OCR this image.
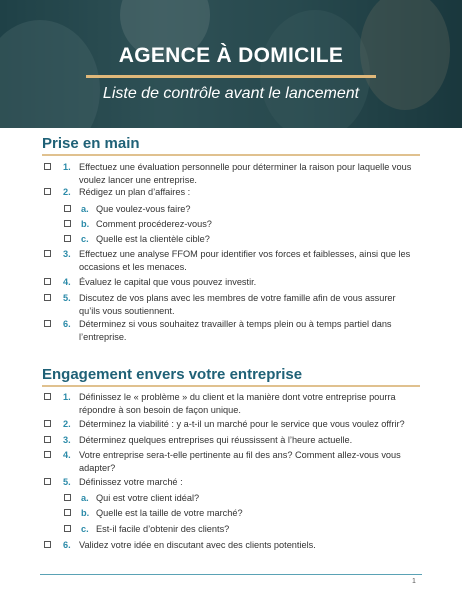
AGENCE À DOMICILE
Liste de contrôle avant le lancement
Prise en main
1. Effectuez une évaluation personnelle pour déterminer la raison pour laquelle vous
voulez lancer une entreprise.
2. Rédigez un plan d’affaires :
a. Que voulez-vous faire?
b. Comment procéderez-vous?
c. Quelle est la clientèle cible?
3. Effectuez une analyse FFOM pour identifier vos forces et faiblesses, ainsi que les
occasions et les menaces.
4. Évaluez le capital que vous pouvez investir.
5. Discutez de vos plans avec les membres de votre famille afin de vous assurer
qu’ils vous soutiennent.
6. Déterminez si vous souhaitez travailler à temps plein ou à temps partiel dans
l’entreprise.
Engagement envers votre entreprise
1. Définissez le « problème » du client et la manière dont votre entreprise pourra
répondre à son besoin de façon unique.
2. Déterminez la viabilité : y a-t-il un marché pour le service que vous voulez offrir?
3. Déterminez quelques entreprises qui réussissent à l’heure actuelle.
4. Votre entreprise sera-t-elle pertinente au fil des ans? Comment allez-vous vous
adapter?
5. Définissez votre marché :
a. Qui est votre client idéal?
b. Quelle est la taille de votre marché?
c. Est-il facile d’obtenir des clients?
6. Validez votre idée en discutant avec des clients potentiels.
1
